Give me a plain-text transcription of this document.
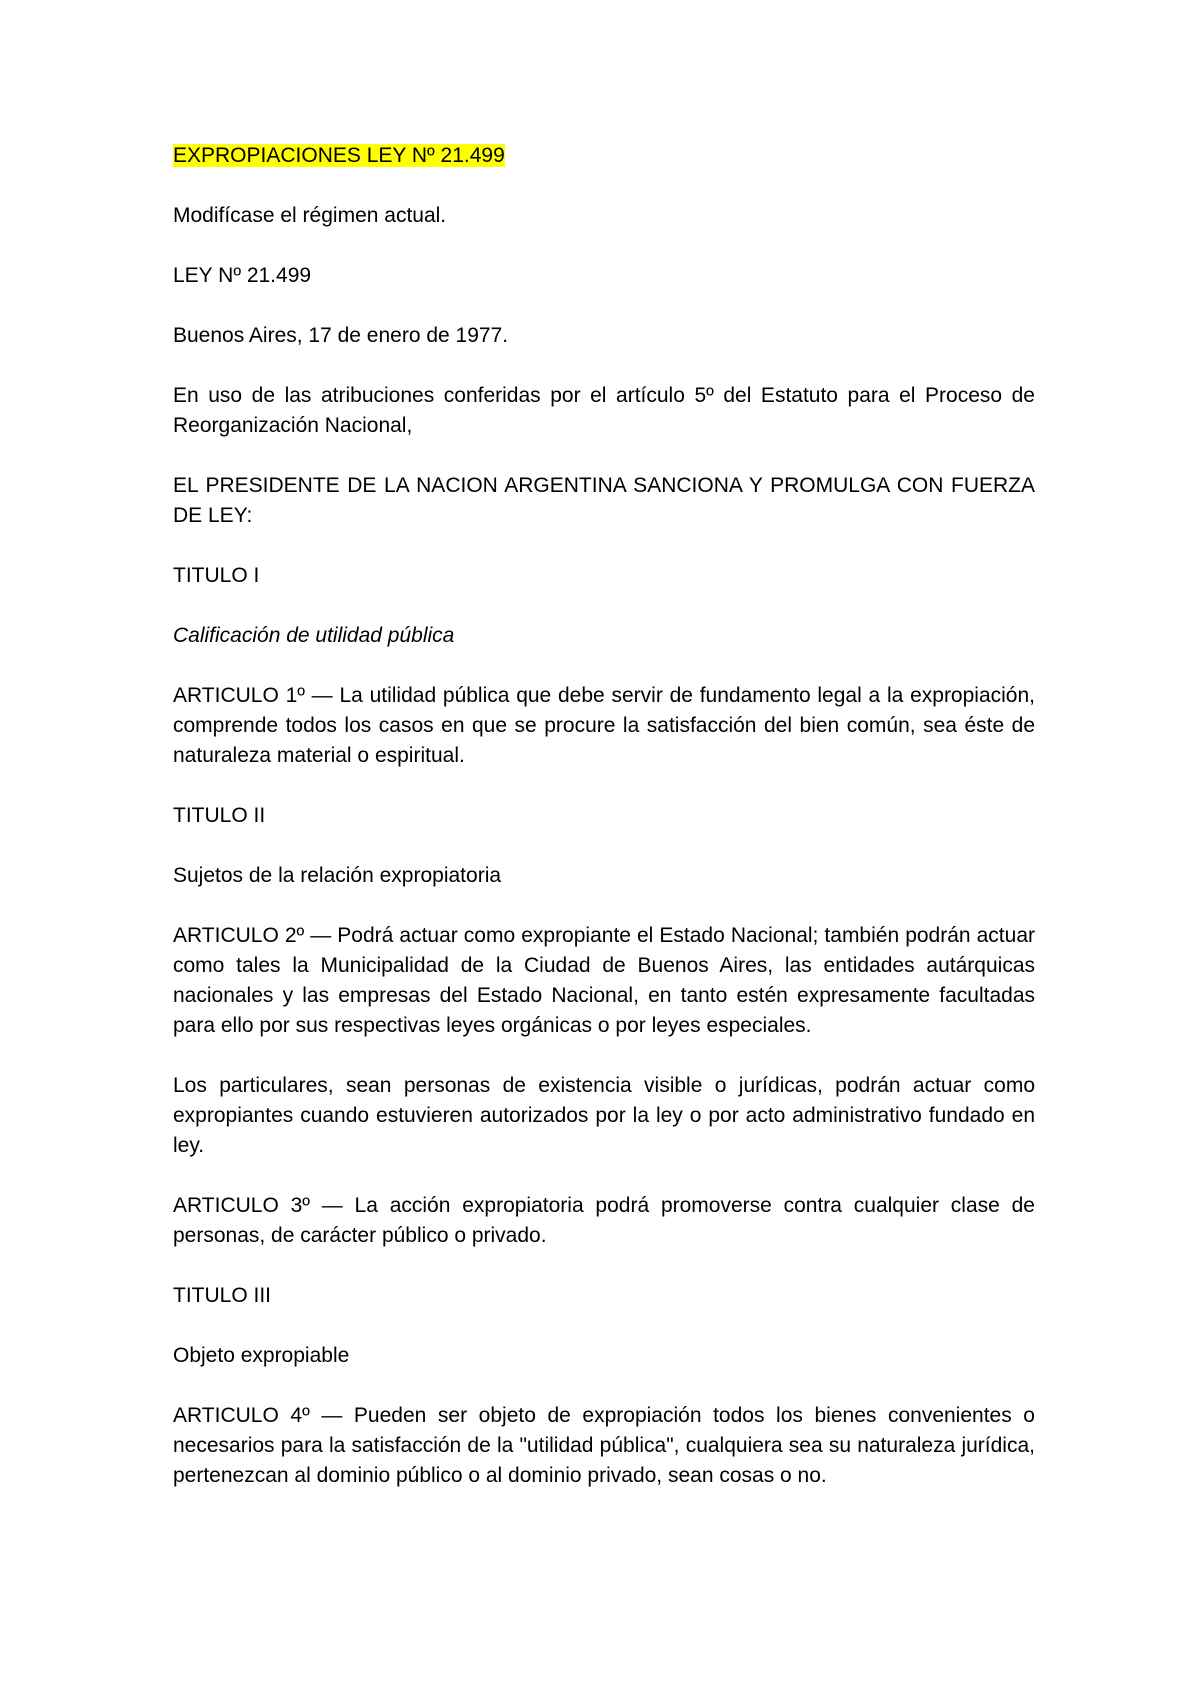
EXPROPIACIONES LEY Nº 21.499

Modifícase el régimen actual.

LEY Nº 21.499

Buenos Aires, 17 de enero de 1977.

En uso de las atribuciones conferidas por el artículo 5º del Estatuto para el Proceso de Reorganización Nacional,

EL PRESIDENTE DE LA NACION ARGENTINA SANCIONA Y PROMULGA CON FUERZA DE LEY:

TITULO I

Calificación de utilidad pública

ARTICULO 1º — La utilidad pública que debe servir de fundamento legal a la expropiación, comprende todos los casos en que se procure la satisfacción del bien común, sea éste de naturaleza material o espiritual.

TITULO II

Sujetos de la relación expropiatoria

ARTICULO 2º — Podrá actuar como expropiante el Estado Nacional; también podrán actuar como tales la Municipalidad de la Ciudad de Buenos Aires, las entidades autárquicas nacionales y las empresas del Estado Nacional, en tanto estén expresamente facultadas para ello por sus respectivas leyes orgánicas o por leyes especiales.

Los particulares, sean personas de existencia visible o jurídicas, podrán actuar como expropiantes cuando estuvieren autorizados por la ley o por acto administrativo fundado en ley.

ARTICULO 3º — La acción expropiatoria podrá promoverse contra cualquier clase de personas, de carácter público o privado.

TITULO III

Objeto expropiable

ARTICULO 4º — Pueden ser objeto de expropiación todos los bienes convenientes o necesarios para la satisfacción de la "utilidad pública", cualquiera sea su naturaleza jurídica, pertenezcan al dominio público o al dominio privado, sean cosas o no.
